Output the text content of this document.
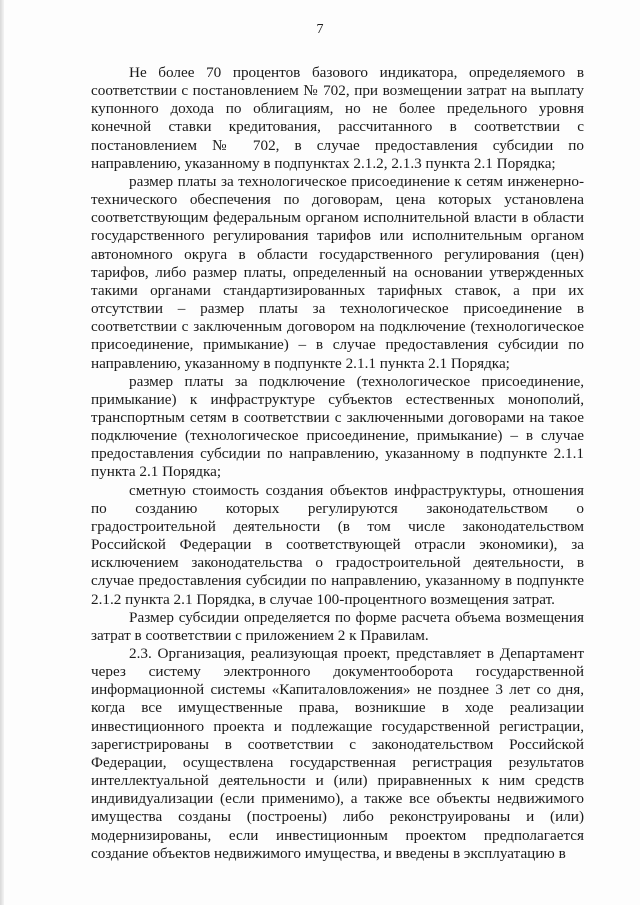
7

Не более 70 процентов базового индикатора, определяемого в соответствии с постановлением № 702, при возмещении затрат на выплату купонного дохода по облигациям, но не более предельного уровня конечной ставки кредитования, рассчитанного в соответствии с постановлением № 702, в случае предоставления субсидии по направлению, указанному в подпунктах 2.1.2, 2.1.3 пункта 2.1 Порядка;

размер платы за технологическое присоединение к сетям инженерно-технического обеспечения по договорам, цена которых установлена соответствующим федеральным органом исполнительной власти в области государственного регулирования тарифов или исполнительным органом автономного округа в области государственного регулирования (цен) тарифов, либо размер платы, определенный на основании утвержденных такими органами стандартизированных тарифных ставок, а при их отсутствии – размер платы за технологическое присоединение в соответствии с заключенным договором на подключение (технологическое присоединение, примыкание) – в случае предоставления субсидии по направлению, указанному в подпункте 2.1.1 пункта 2.1 Порядка;

размер платы за подключение (технологическое присоединение, примыкание) к инфраструктуре субъектов естественных монополий, транспортным сетям в соответствии с заключенными договорами на такое подключение (технологическое присоединение, примыкание) – в случае предоставления субсидии по направлению, указанному в подпункте 2.1.1 пункта 2.1 Порядка;

сметную стоимость создания объектов инфраструктуры, отношения по созданию которых регулируются законодательством о градостроительной деятельности (в том числе законодательством Российской Федерации в соответствующей отрасли экономики), за исключением законодательства о градостроительной деятельности, в случае предоставления субсидии по направлению, указанному в подпункте 2.1.2 пункта 2.1 Порядка, в случае 100-процентного возмещения затрат.

Размер субсидии определяется по форме расчета объема возмещения затрат в соответствии с приложением 2 к Правилам.

2.3. Организация, реализующая проект, представляет в Департамент через систему электронного документооборота государственной информационной системы «Капиталовложения» не позднее 3 лет со дня, когда все имущественные права, возникшие в ходе реализации инвестиционного проекта и подлежащие государственной регистрации, зарегистрированы в соответствии с законодательством Российской Федерации, осуществлена государственная регистрация результатов интеллектуальной деятельности и (или) приравненных к ним средств индивидуализации (если применимо), а также все объекты недвижимого имущества созданы (построены) либо реконструированы и (или) модернизированы, если инвестиционным проектом предполагается создание объектов недвижимого имущества, и введены в эксплуатацию в
